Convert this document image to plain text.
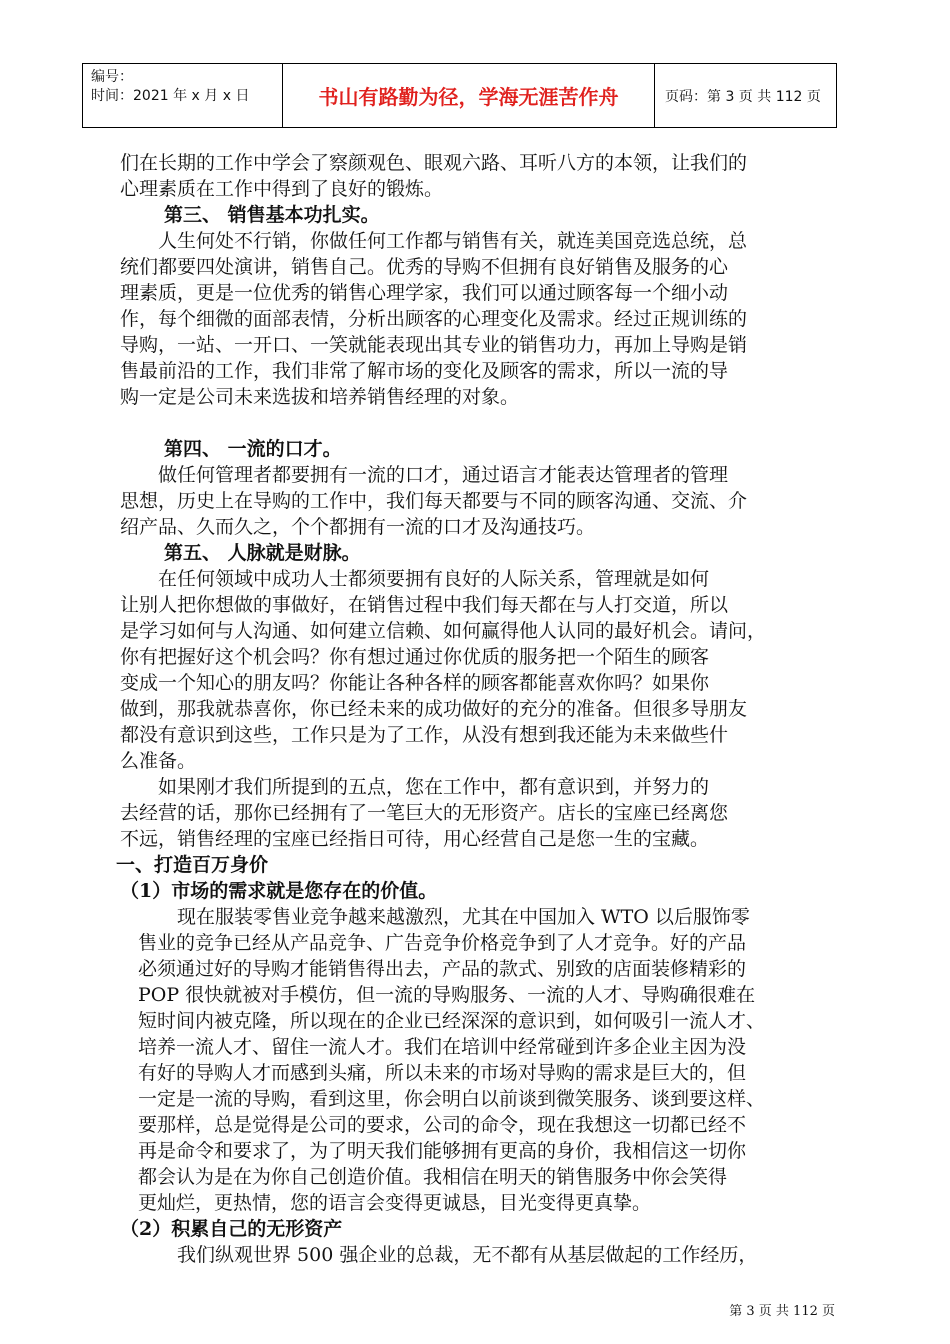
编号：
时间：2021 年 x 月 x 日	书山有路勤为径，学海无涯苦作舟	页码：第 3 页 共 112 页
们在长期的工作中学会了察颜观色、眼观六路、耳听八方的本领，让我们的
心理素质在工作中得到了良好的锻炼。
第三、 销售基本功扎实。
人生何处不行销，你做任何工作都与销售有关，就连美国竞选总统，总
统们都要四处演讲，销售自己。优秀的导购不但拥有良好销售及服务的心
理素质，更是一位优秀的销售心理学家，我们可以通过顾客每一个细小动
作，每个细微的面部表情，分析出顾客的心理变化及需求。经过正规训练的
导购，一站、一开口、一笑就能表现出其专业的销售功力，再加上导购是销
售最前沿的工作，我们非常了解市场的变化及顾客的需求，所以一流的导
购一定是公司未来选拔和培养销售经理的对象。
第四、 一流的口才。
做任何管理者都要拥有一流的口才，通过语言才能表达管理者的管理
思想，历史上在导购的工作中，我们每天都要与不同的顾客沟通、交流、介
绍产品、久而久之，个个都拥有一流的口才及沟通技巧。
第五、 人脉就是财脉。
在任何领域中成功人士都须要拥有良好的人际关系，管理就是如何
让别人把你想做的事做好，在销售过程中我们每天都在与人打交道，所以
是学习如何与人沟通、如何建立信赖、如何赢得他人认同的最好机会。请问，
你有把握好这个机会吗？你有想过通过你优质的服务把一个陌生的顾客
变成一个知心的朋友吗？你能让各种各样的顾客都能喜欢你吗？如果你
做到，那我就恭喜你，你已经未来的成功做好的充分的准备。但很多导朋友
都没有意识到这些，工作只是为了工作，从没有想到我还能为未来做些什
么准备。
如果刚才我们所提到的五点，您在工作中，都有意识到，并努力的
去经营的话，那你已经拥有了一笔巨大的无形资产。店长的宝座已经离您
不远，销售经理的宝座已经指日可待，用心经营自己是您一生的宝藏。
一、打造百万身价
（1）市场的需求就是您存在的价值。
现在服装零售业竞争越来越激烈，尤其在中国加入 WTO 以后服饰零
售业的竞争已经从产品竞争、广告竞争价格竞争到了人才竞争。好的产品
必须通过好的导购才能销售得出去，产品的款式、别致的店面装修精彩的
POP 很快就被对手模仿，但一流的导购服务、一流的人才、导购确很难在
短时间内被克隆，所以现在的企业已经深深的意识到，如何吸引一流人才、
培养一流人才、留住一流人才。我们在培训中经常碰到许多企业主因为没
有好的导购人才而感到头痛，所以未来的市场对导购的需求是巨大的，但
一定是一流的导购，看到这里，你会明白以前谈到微笑服务、谈到要这样、
要那样，总是觉得是公司的要求，公司的命令，现在我想这一切都已经不
再是命令和要求了，为了明天我们能够拥有更高的身价，我相信这一切你
都会认为是在为你自己创造价值。我相信在明天的销售服务中你会笑得
更灿烂，更热情，您的语言会变得更诚恳，目光变得更真挚。
（2）积累自己的无形资产
我们纵观世界 500 强企业的总裁，无不都有从基层做起的工作经历，
第 3 页 共 112 页
